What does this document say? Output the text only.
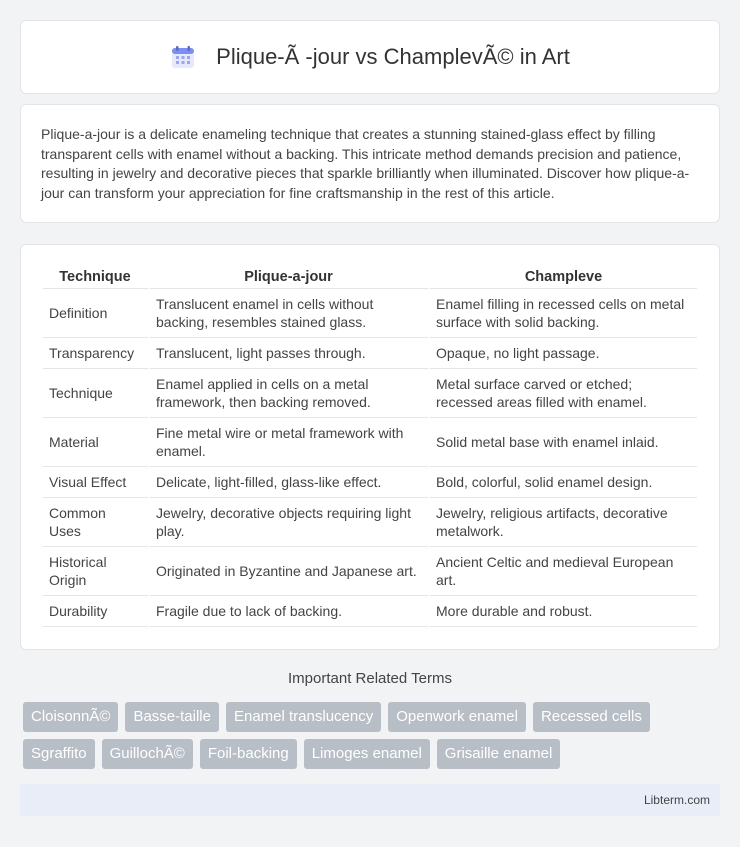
Plique-Ã -jour vs ChamplevÃ© in Art

Plique-a-jour is a delicate enameling technique that creates a stunning stained-glass effect by filling transparent cells with enamel without a backing. This intricate method demands precision and patience, resulting in jewelry and decorative pieces that sparkle brilliantly when illuminated. Discover how plique-a-jour can transform your appreciation for fine craftsmanship in the rest of this article.

Technique	Plique-a-jour	Champleve
Definition	Translucent enamel in cells without backing, resembles stained glass.	Enamel filling in recessed cells on metal surface with solid backing.
Transparency	Translucent, light passes through.	Opaque, no light passage.
Technique	Enamel applied in cells on a metal framework, then backing removed.	Metal surface carved or etched; recessed areas filled with enamel.
Material	Fine metal wire or metal framework with enamel.	Solid metal base with enamel inlaid.
Visual Effect	Delicate, light-filled, glass-like effect.	Bold, colorful, solid enamel design.
Common Uses	Jewelry, decorative objects requiring light play.	Jewelry, religious artifacts, decorative metalwork.
Historical Origin	Originated in Byzantine and Japanese art.	Ancient Celtic and medieval European art.
Durability	Fragile due to lack of backing.	More durable and robust.
Important Related Terms
CloisonnÃ©	Basse-taille	Enamel translucency	Openwork enamel	Recessed cells
Sgraffito	GuillochÃ©	Foil-backing	Limoges enamel	Grisaille enamel
Libterm.com
